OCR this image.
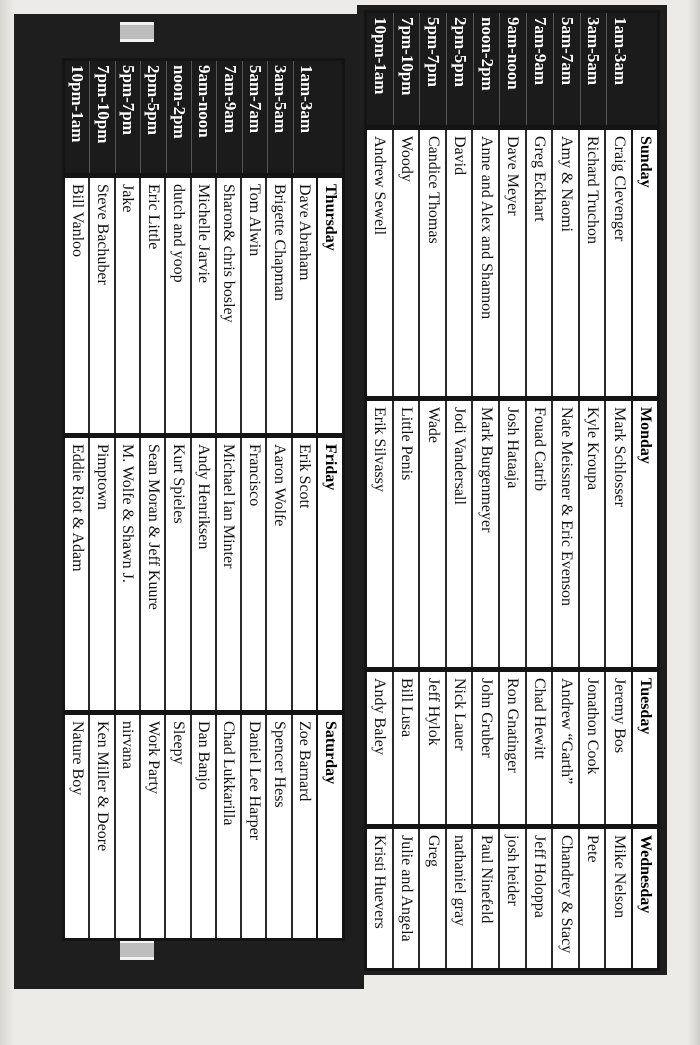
1am-3am
3am-5am
5am-7am
7am-9am
9am-noon
noon-2pm
2pm-5pm
5pm-7pm
7pm-10pm
10pm-1am
Sunday
Craig Clevenger
Richard Truchon
Amy & Naomi
Greg Eckhart
Dave Meyer
Anne and Alex and Shannon
David
Candice Thomas
Woody
Andrew Sewell
Monday
Mark Schlosser
Kyle Kroupa
Nate Meissner & Eric Evenson
Fouad Catrib
Josh Hataaja
Mark Burgenmeyer
Jodi Vandersall
Wade
Little Penis
Erik Silvassy
Tuesday
Jeremy Bos
Jonathon Cook
Andrew “Garth”
Chad Hewitt
Ron Gnatinger
John Gruber
Nick Lauer
Jeff Hylok
Bill Lusa
Andy Baley
Wednesday
Mike Nelson
Pete
Chandrey & Stacy
Jeff Holoppa
josh heider
Paul Ninefeld
nathaniel gray
Greg
Julie and Angela
Kristi Huevers
1am-3am
3am-5am
5am-7am
7am-9am
9am-noon
noon-2pm
2pm-5pm
5pm-7pm
7pm-10pm
10pm-1am
Thursday
Dave Abraham
Brigette Chapman
Tom Alwin
Sharon& chris bosley
Michelle Jarvie
dutch and yoop
Eric Little
Jake
Steve Bachuber
Bill Vanloo
Friday
Erik Scott
Aaron Wolfe
Francisco
Michael Ian Minter
Andy Henriksen
Kurt Spieles
Sean Moran & Jeff Kuure
M. Wolfe & Shawn J.
Pimptown
Eddie Riot & Adam
Saturday
Zoe Barnard
Spencer Hess
Daniel Lee Harper
Chad Lukkarilla
Dan Banjo
Sleepy
Work Party
nirvana
Ken Miller & Deore
Nature Boy
